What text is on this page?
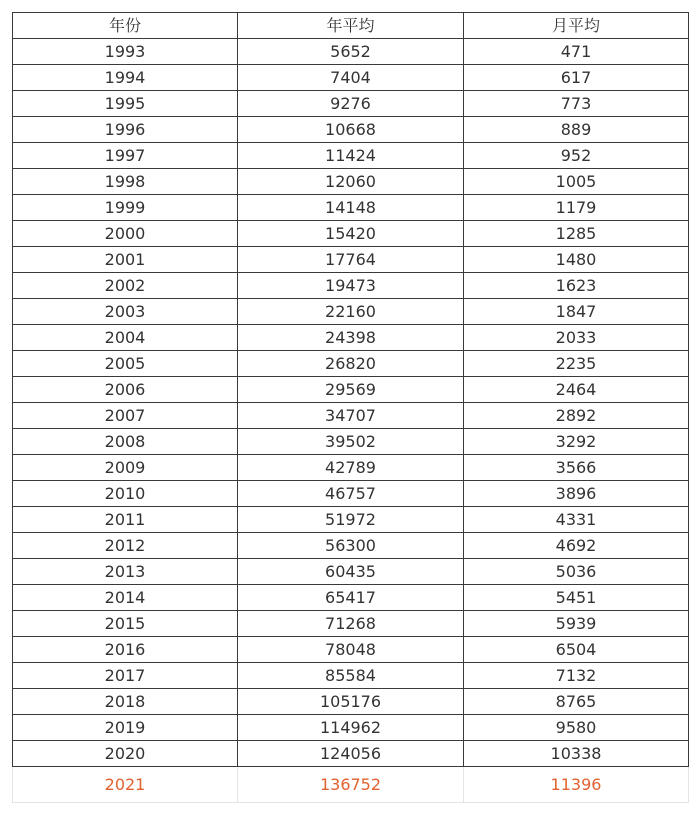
年份	年平均	月平均
1993	5652	471
1994	7404	617
1995	9276	773
1996	10668	889
1997	11424	952
1998	12060	1005
1999	14148	1179
2000	15420	1285
2001	17764	1480
2002	19473	1623
2003	22160	1847
2004	24398	2033
2005	26820	2235
2006	29569	2464
2007	34707	2892
2008	39502	3292
2009	42789	3566
2010	46757	3896
2011	51972	4331
2012	56300	4692
2013	60435	5036
2014	65417	5451
2015	71268	5939
2016	78048	6504
2017	85584	7132
2018	105176	8765
2019	114962	9580
2020	124056	10338
2021	136752	11396
